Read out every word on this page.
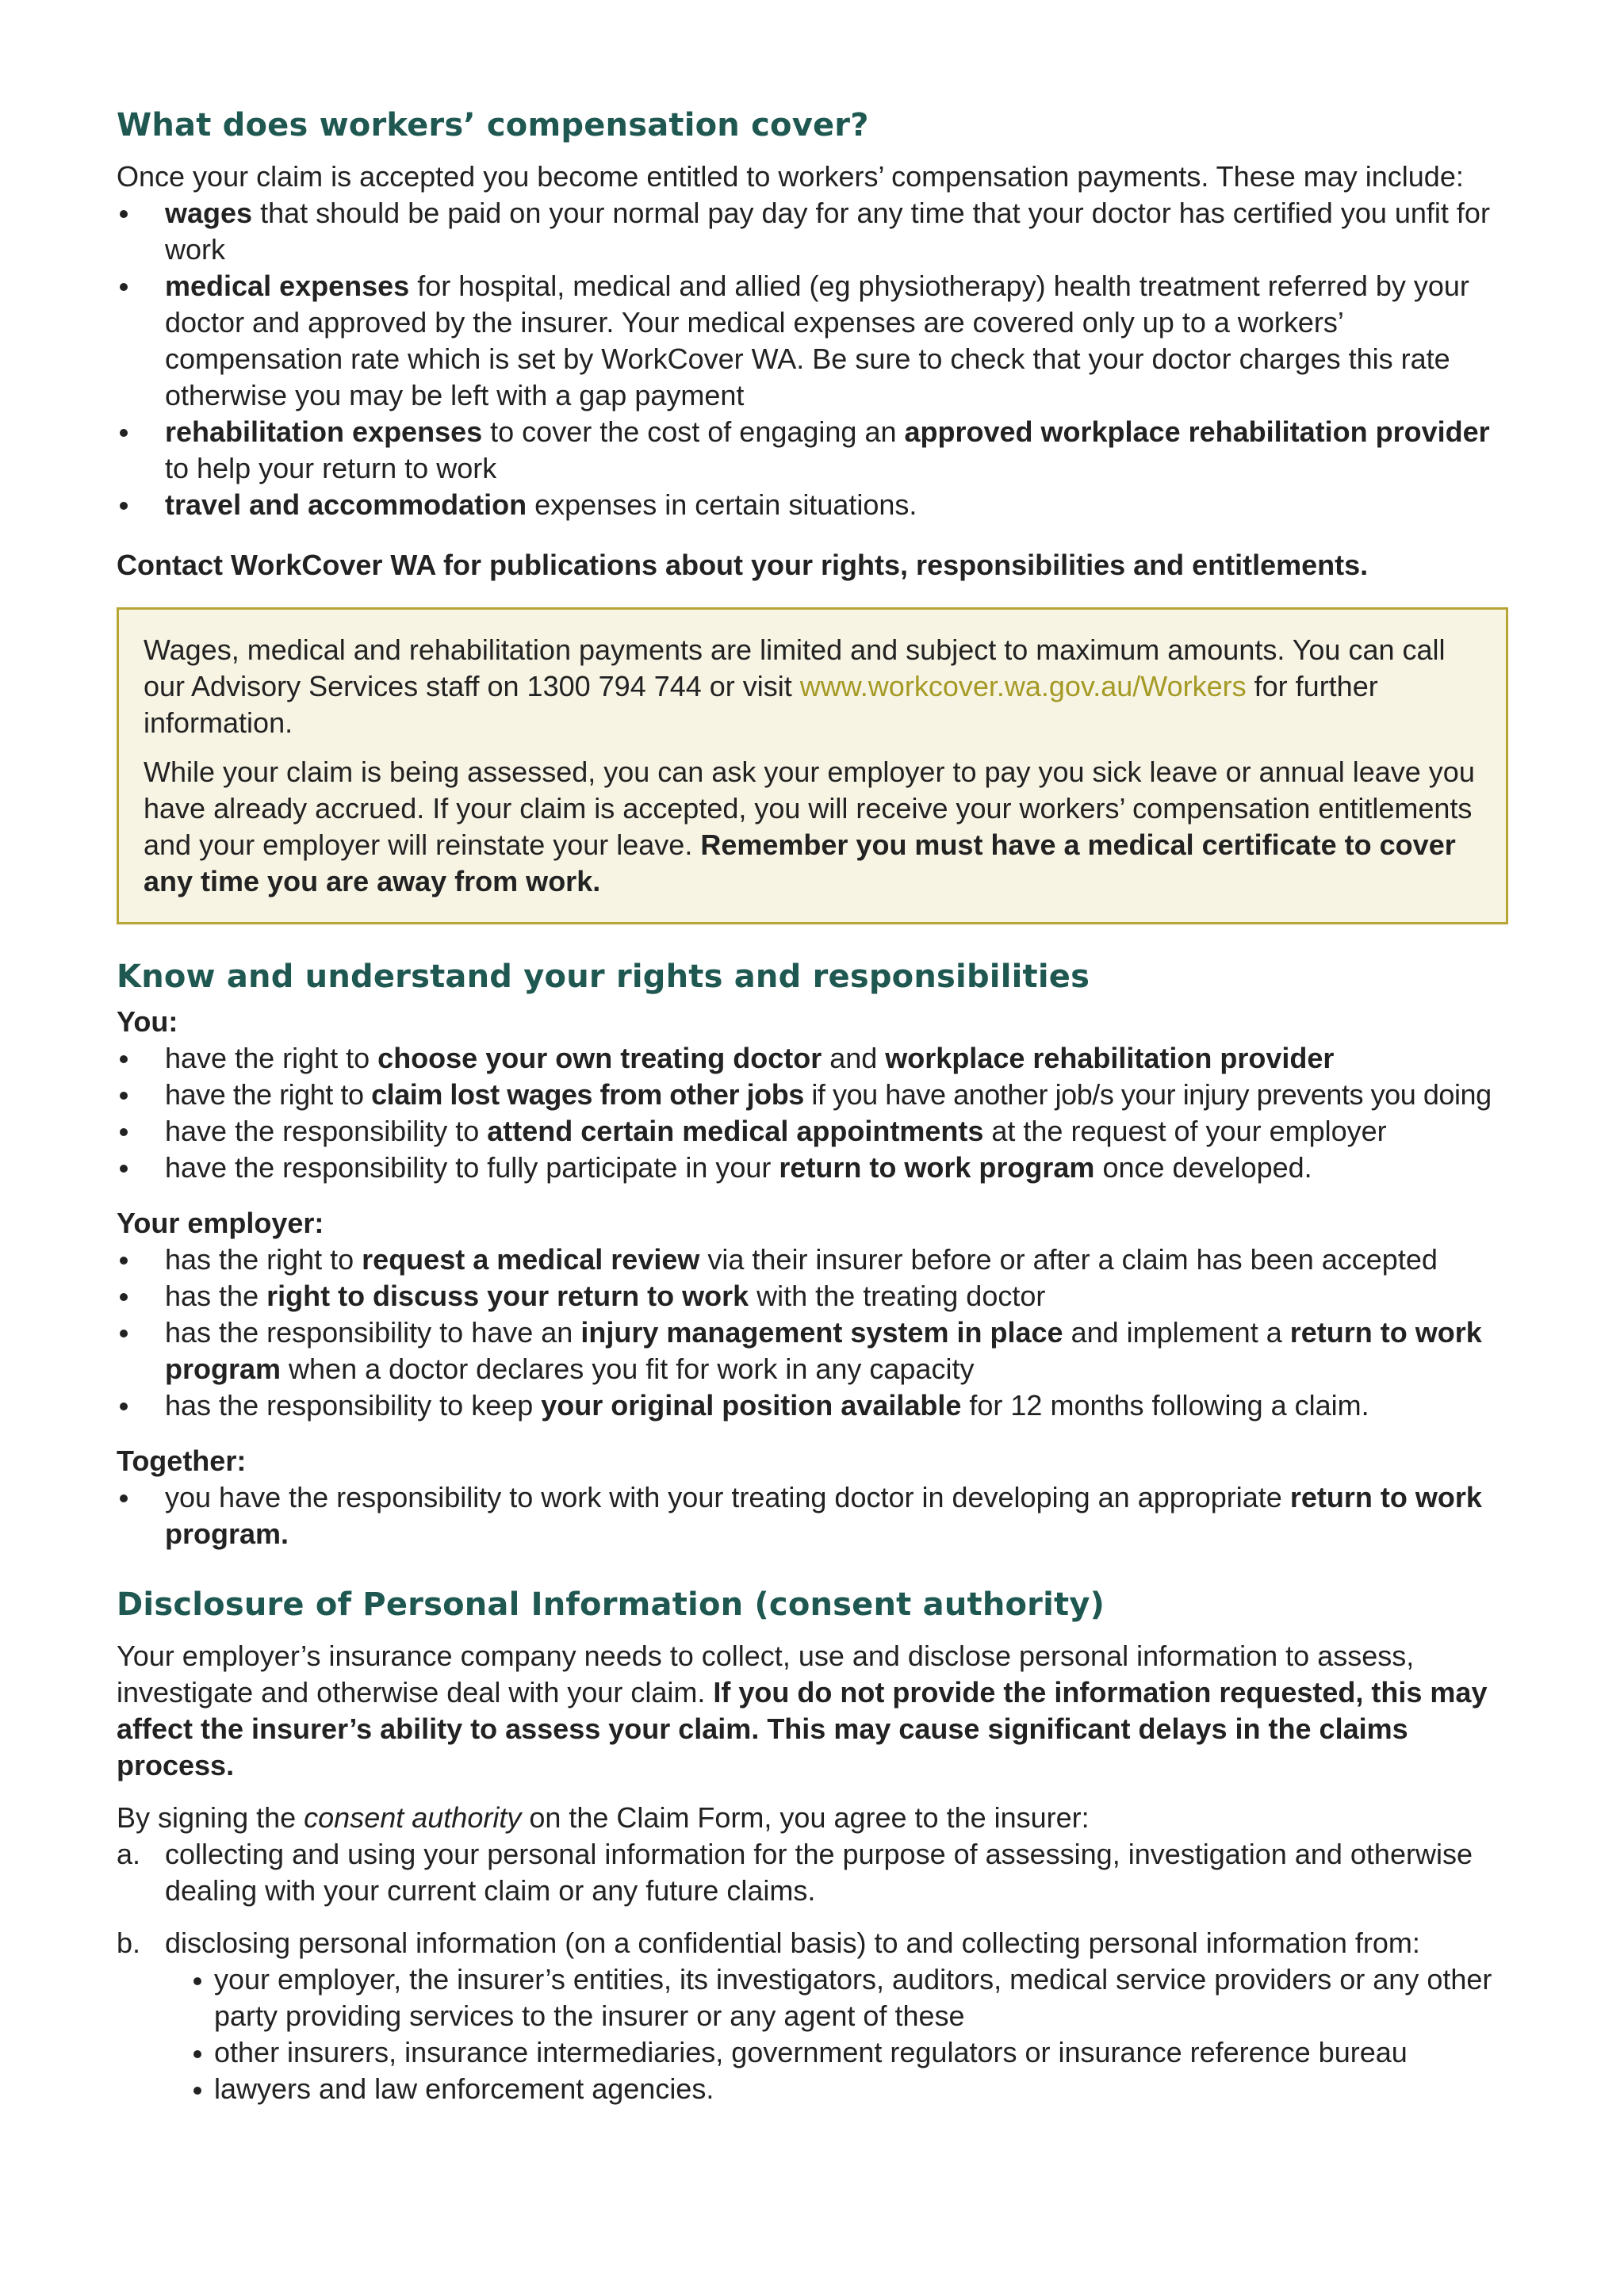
What does workers’ compensation cover?

Once your claim is accepted you become entitled to workers’ compensation payments. These may include:

wages that should be paid on your normal pay day for any time that your doctor has certified you unfit for work
medical expenses for hospital, medical and allied (eg physiotherapy) health treatment referred by your doctor and approved by the insurer. Your medical expenses are covered only up to a workers’ compensation rate which is set by WorkCover WA. Be sure to check that your doctor charges this rate otherwise you may be left with a gap payment
rehabilitation expenses to cover the cost of engaging an approved workplace rehabilitation provider to help your return to work
travel and accommodation expenses in certain situations.

Contact WorkCover WA for publications about your rights, responsibilities and entitlements.

Wages, medical and rehabilitation payments are limited and subject to maximum amounts. You can call our Advisory Services staff on 1300 794 744 or visit www.workcover.wa.gov.au/Workers for further information.

While your claim is being assessed, you can ask your employer to pay you sick leave or annual leave you have already accrued. If your claim is accepted, you will receive your workers’ compensation entitlements and your employer will reinstate your leave. Remember you must have a medical certificate to cover any time you are away from work.

Know and understand your rights and responsibilities

You:

have the right to choose your own treating doctor and workplace rehabilitation provider
have the right to claim lost wages from other jobs if you have another job/s your injury prevents you doing
have the responsibility to attend certain medical appointments at the request of your employer
have the responsibility to fully participate in your return to work program once developed.

Your employer:

has the right to request a medical review via their insurer before or after a claim has been accepted
has the right to discuss your return to work with the treating doctor
has the responsibility to have an injury management system in place and implement a return to work program when a doctor declares you fit for work in any capacity
has the responsibility to keep your original position available for 12 months following a claim.

Together:

you have the responsibility to work with your treating doctor in developing an appropriate return to work program.
Disclosure of Personal Information (consent authority)

Your employer’s insurance company needs to collect, use and disclose personal information to assess, investigate and otherwise deal with your claim. If you do not provide the information requested, this may affect the insurer’s ability to assess your claim. This may cause significant delays in the claims process.

By signing the consent authority on the Claim Form, you agree to the insurer:

a. collecting and using your personal information for the purpose of assessing, investigation and otherwise dealing with your current claim or any future claims.
b. disclosing personal information (on a confidential basis) to and collecting personal information from:
your employer, the insurer’s entities, its investigators, auditors, medical service providers or any other party providing services to the insurer or any agent of these
other insurers, insurance intermediaries, government regulators or insurance reference bureau
lawyers and law enforcement agencies.
